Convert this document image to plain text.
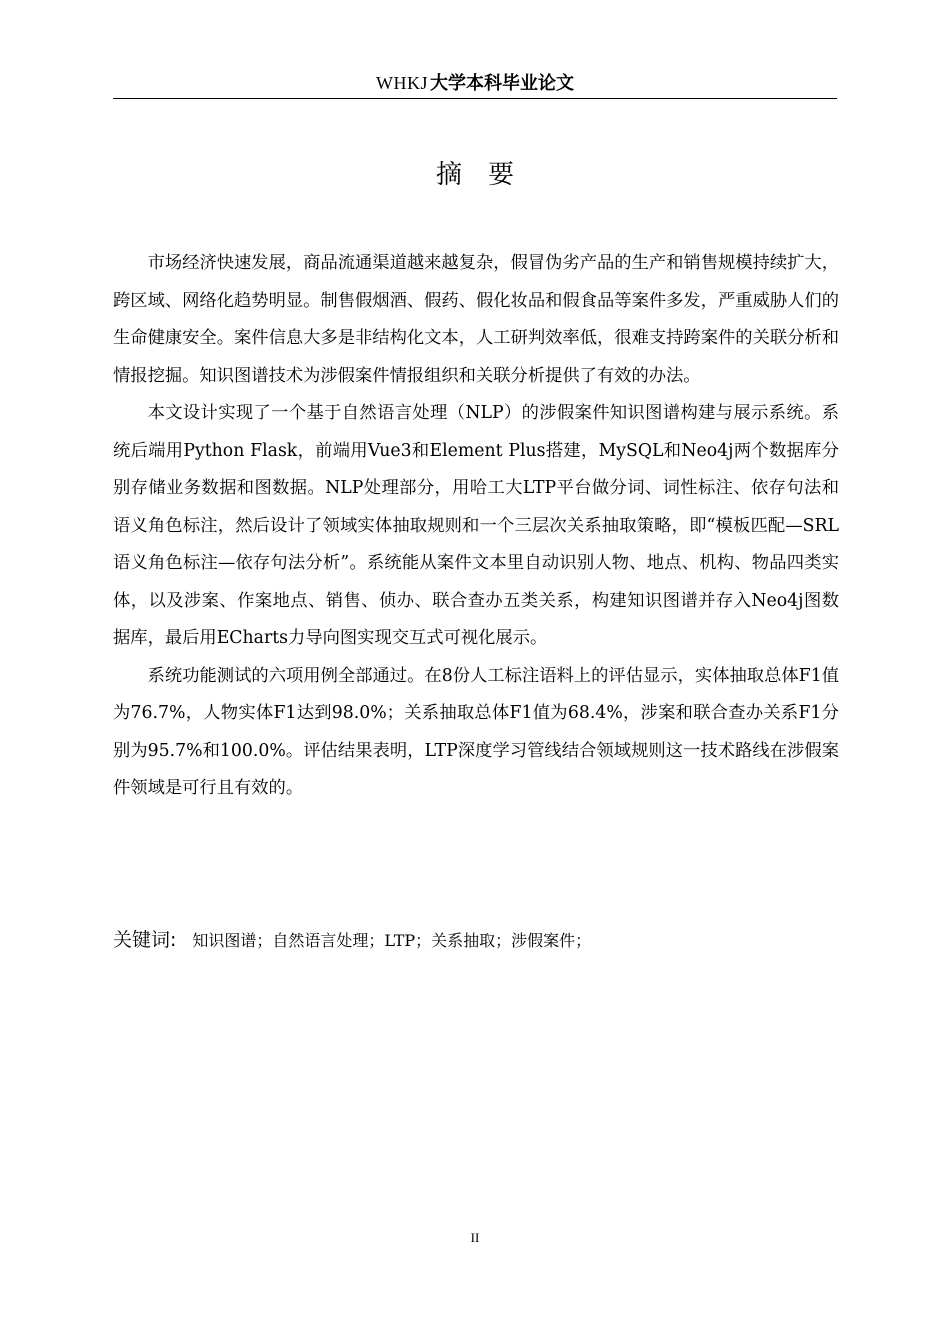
WHKJ 大学本科毕业论文
摘要

市场经济快速发展，商品流通渠道越来越复杂，假冒伪劣产品的生产和销售规模持续扩大，跨区域、网络化趋势明显。制售假烟酒、假药、假化妆品和假食品等案件多发，严重威胁人们的生命健康安全。案件信息大多是非结构化文本，人工研判效率低，很难支持跨案件的关联分析和情报挖掘。知识图谱技术为涉假案件情报组织和关联分析提供了有效的办法。

本文设计实现了一个基于自然语言处理（NLP）的涉假案件知识图谱构建与展示系统。系统后端用Python Flask，前端用Vue3和Element Plus搭建，MySQL和Neo4j两个数据库分别存储业务数据和图数据。NLP处理部分，用哈工大LTP平台做分词、词性标注、依存句法和语义角色标注，然后设计了领域实体抽取规则和一个三层次关系抽取策略，即“模板匹配—SRL语义角色标注—依存句法分析”。系统能从案件文本里自动识别人物、地点、机构、物品四类实体，以及涉案、作案地点、销售、侦办、联合查办五类关系，构建知识图谱并存入Neo4j图数据库，最后用ECharts力导向图实现交互式可视化展示。

系统功能测试的六项用例全部通过。在8份人工标注语料上的评估显示，实体抽取总体F1值为76.7%，人物实体F1达到98.0%；关系抽取总体F1值为68.4%，涉案和联合查办关系F1分别为95.7%和100.0%。评估结果表明，LTP深度学习管线结合领域规则这一技术路线在涉假案件领域是可行且有效的。

关键词: 知识图谱；自然语言处理；LTP；关系抽取；涉假案件；
II
